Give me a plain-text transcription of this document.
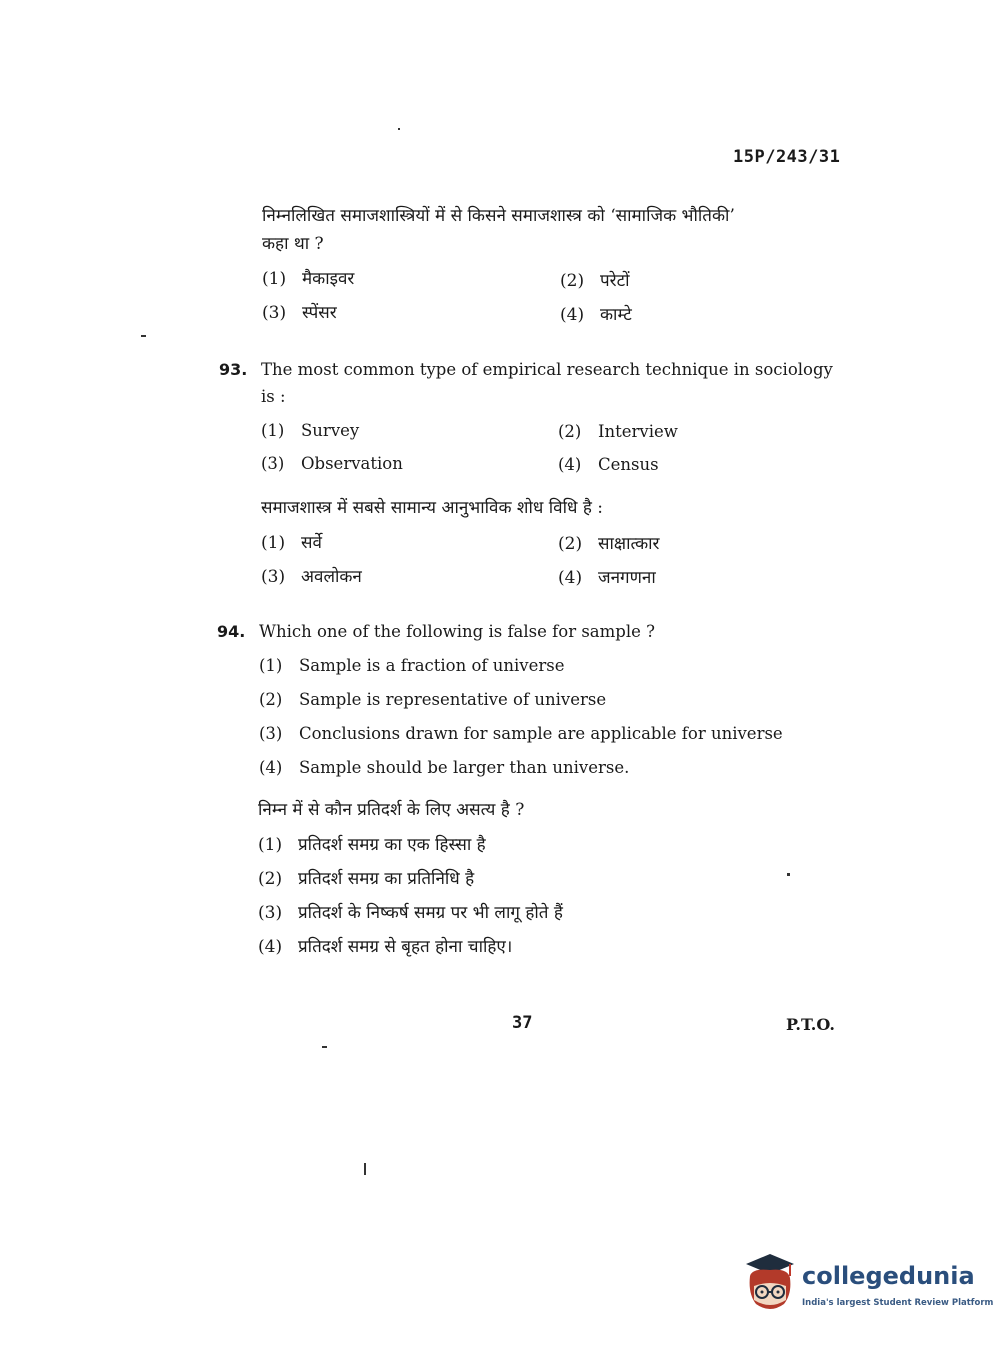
15P/243/31
निम्नलिखित समाजशास्त्रियों में से किसने समाजशास्त्र को ‘सामाजिक भौतिकी’
कहा था ?
(1) मैकाइवर	(2) परेटों
(3) स्पेंसर	(4) काम्टे
93. The most common type of empirical research technique in sociology
is :
(1) Survey	(2) Interview
(3) Observation	(4) Census
समाजशास्त्र में सबसे सामान्य आनुभाविक शोध विधि है :
(1) सर्वे	(2) साक्षात्कार
(3) अवलोकन	(4) जनगणना
94. Which one of the following is false for sample ?
(1) Sample is a fraction of universe
(2) Sample is representative of universe
(3) Conclusions drawn for sample are applicable for universe
(4) Sample should be larger than universe.
निम्न में से कौन प्रतिदर्श के लिए असत्य है ?
(1) प्रतिदर्श समग्र का एक हिस्सा है
(2) प्रतिदर्श समग्र का प्रतिनिधि है
(3) प्रतिदर्श के निष्कर्ष समग्र पर भी लागू होते हैं
(4) प्रतिदर्श समग्र से बृहत होना चाहिए।
37	P.T.O.
collegedunia
India's largest Student Review Platform
